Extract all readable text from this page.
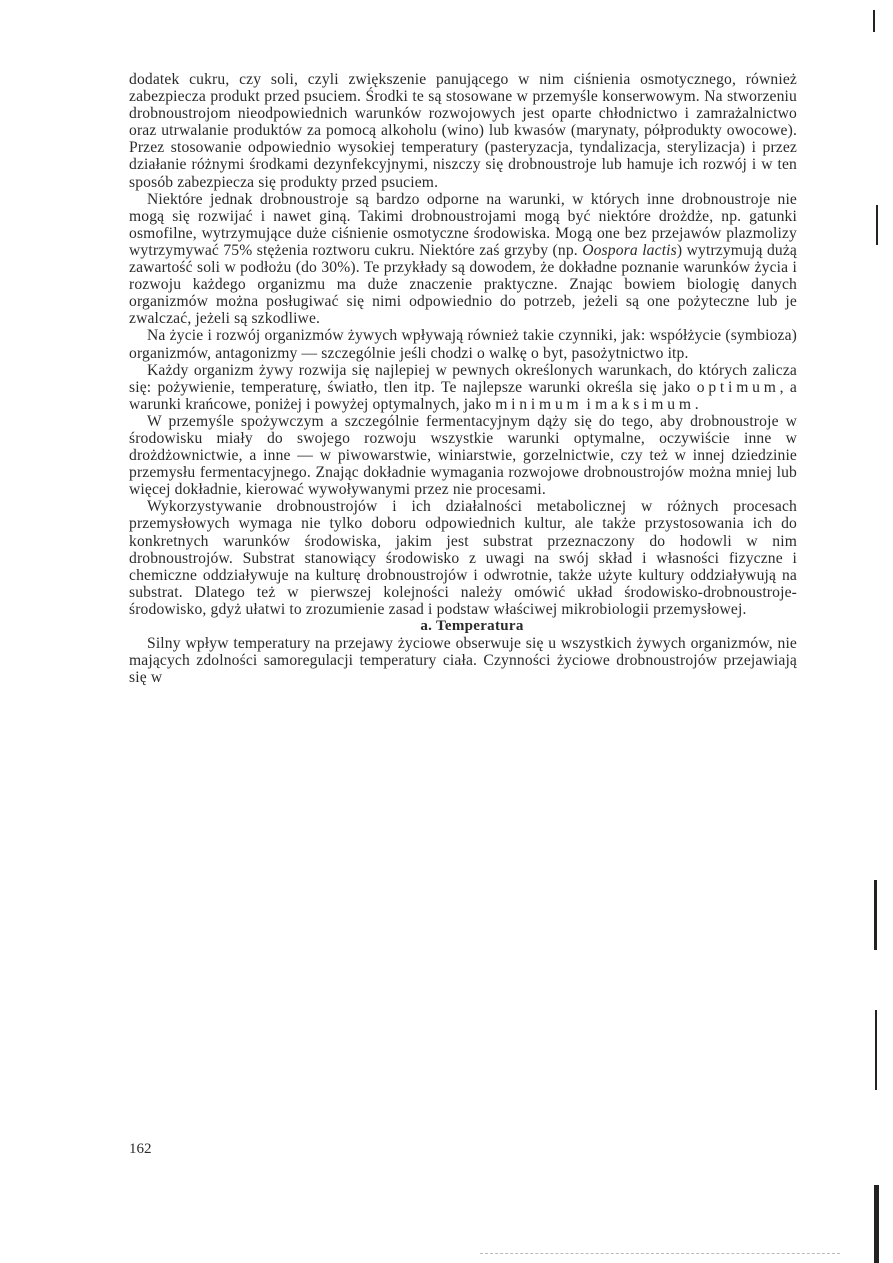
dodatek cukru, czy soli, czyli zwiększenie panującego w nim ciśnienia osmotycznego, również zabezpiecza produkt przed psuciem. Środki te są stosowane w przemyśle konserwowym. Na stworzeniu drobnoustrojom nieodpowiednich warunków rozwojowych jest oparte chłodnictwo i zamrażalnictwo oraz utrwalanie produktów za pomocą alkoholu (wino) lub kwasów (marynaty, półprodukty owocowe). Przez stosowanie odpowiednio wysokiej temperatury (pasteryzacja, tyndalizacja, sterylizacja) i przez działanie różnymi środkami dezynfekcyjnymi, niszczy się drobnoustroje lub hamuje ich rozwój i w ten sposób zabezpiecza się produkty przed psuciem.

Niektóre jednak drobnoustroje są bardzo odporne na warunki, w których inne drobnoustroje nie mogą się rozwijać i nawet giną. Takimi drobnoustrojami mogą być niektóre drożdże, np. gatunki osmofilne, wytrzymujące duże ciśnienie osmotyczne środowiska. Mogą one bez przejawów plazmolizy wytrzymywać 75% stężenia roztworu cukru. Niektóre zaś grzyby (np. Oospora lactis) wytrzymują dużą zawartość soli w podłożu (do 30%). Te przykłady są dowodem, że dokładne poznanie warunków życia i rozwoju każdego organizmu ma duże znaczenie praktyczne. Znając bowiem biologię danych organizmów można posługiwać się nimi odpowiednio do potrzeb, jeżeli są one pożyteczne lub je zwalczać, jeżeli są szkodliwe.

Na życie i rozwój organizmów żywych wpływają również takie czynniki, jak: współżycie (symbioza) organizmów, antagonizmy — szczególnie jeśli chodzi o walkę o byt, pasożytnictwo itp.

Każdy organizm żywy rozwija się najlepiej w pewnych określonych warunkach, do których zalicza się: pożywienie, temperaturę, światło, tlen itp. Te najlepsze warunki określa się jako optimum, a warunki krańcowe, poniżej i powyżej optymalnych, jako minimum i maksimum.

W przemyśle spożywczym a szczególnie fermentacyjnym dąży się do tego, aby drobnoustroje w środowisku miały do swojego rozwoju wszystkie warunki optymalne, oczywiście inne w drożdżownictwie, a inne — w piwowarstwie, winiarstwie, gorzelnictwie, czy też w innej dziedzinie przemysłu fermentacyjnego. Znając dokładnie wymagania rozwojowe drobnoustrojów można mniej lub więcej dokładnie, kierować wywoływanymi przez nie procesami.

Wykorzystywanie drobnoustrojów i ich działalności metabolicznej w różnych procesach przemysłowych wymaga nie tylko doboru odpowiednich kultur, ale także przystosowania ich do konkretnych warunków środowiska, jakim jest substrat przeznaczony do hodowli w nim drobnoustrojów. Substrat stanowiący środowisko z uwagi na swój skład i własności fizyczne i chemiczne oddziaływuje na kulturę drobnoustrojów i odwrotnie, także użyte kultury oddziaływują na substrat. Dlatego też w pierwszej kolejności należy omówić układ środowisko-drobnoustroje-środowisko, gdyż ułatwi to zrozumienie zasad i podstaw właściwej mikrobiologii przemysłowej.

a. Temperatura

Silny wpływ temperatury na przejawy życiowe obserwuje się u wszystkich żywych organizmów, nie mających zdolności samoregulacji temperatury ciała. Czynności życiowe drobnoustrojów przejawiają się w

162
